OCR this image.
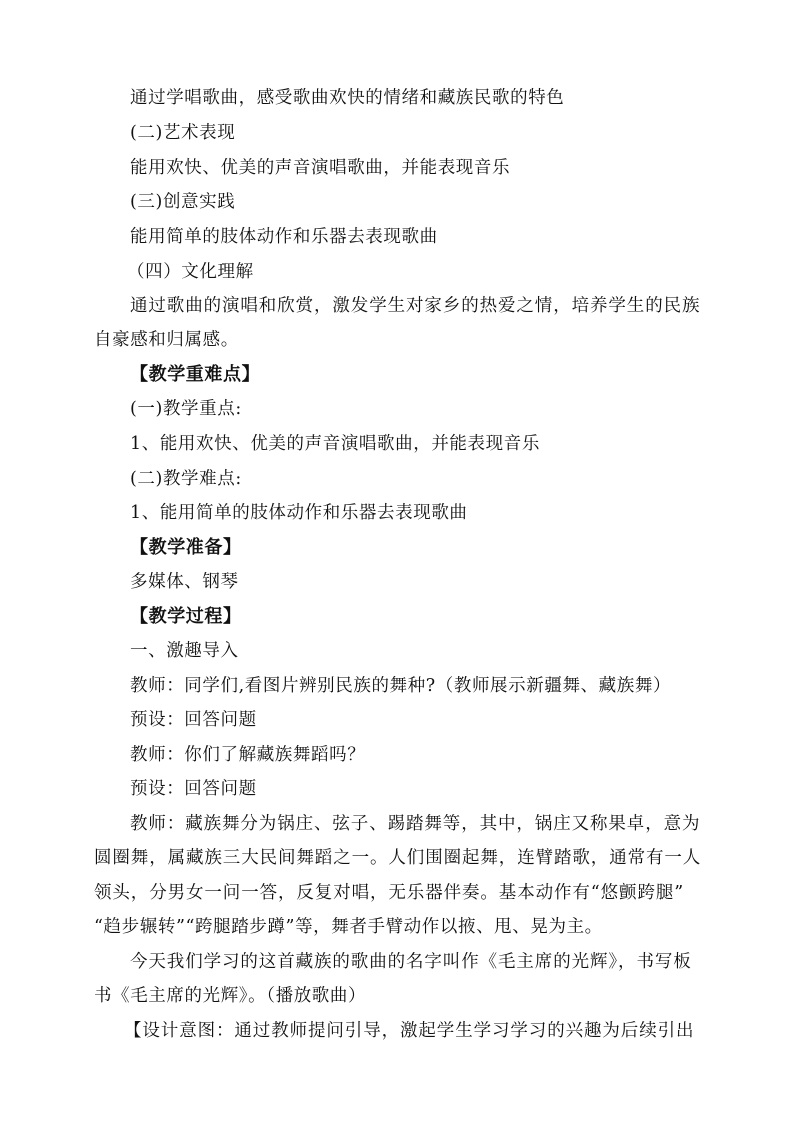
通过学唱歌曲，感受歌曲欢快的情绪和藏族民歌的特色
(二)艺术表现
能用欢快、优美的声音演唱歌曲，并能表现音乐
(三)创意实践
能用简单的肢体动作和乐器去表现歌曲
（四）文化理解
通过歌曲的演唱和欣赏，激发学生对家乡的热爱之情，培养学生的民族
自豪感和归属感。
【教学重难点】
(一)教学重点:
1、能用欢快、优美的声音演唱歌曲，并能表现音乐
(二)教学难点:
1、能用简单的肢体动作和乐器去表现歌曲
【教学准备】
多媒体、钢琴
【教学过程】
一、激趣导入
教师：同学们,看图片辨别民族的舞种?（教师展示新疆舞、藏族舞）
预设：回答问题
教师：你们了解藏族舞蹈吗？
预设：回答问题
教师：藏族舞分为锅庄、弦子、踢踏舞等，其中，锅庄又称果卓，意为
圆圈舞，属藏族三大民间舞蹈之一。人们围圈起舞，连臂踏歌，通常有一人
领头，分男女一问一答，反复对唱，无乐器伴奏。基本动作有“悠颤跨腿”
“趋步辗转”“跨腿踏步蹲”等，舞者手臂动作以掖、甩、晃为主。
今天我们学习的这首藏族的歌曲的名字叫作《毛主席的光辉》，书写板
书《毛主席的光辉》。（播放歌曲）
【设计意图：通过教师提问引导，激起学生学习学习的兴趣为后续引出
